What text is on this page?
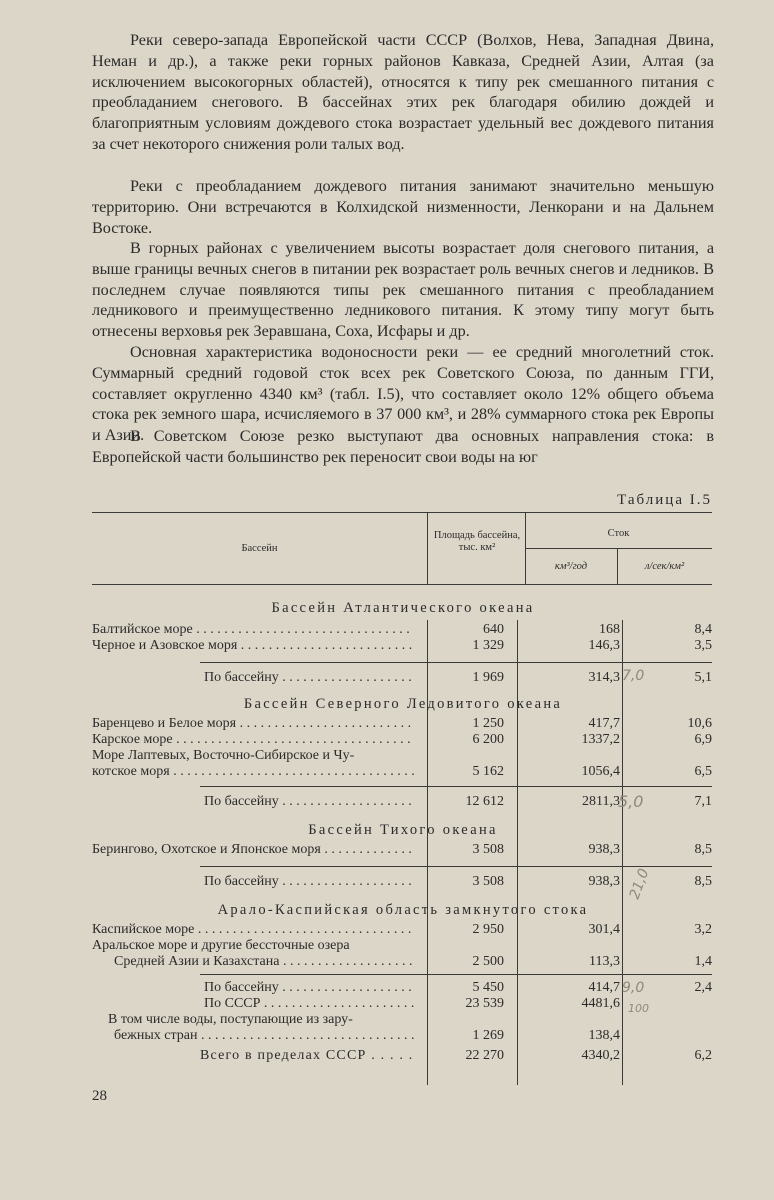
Реки северо-запада Европейской части СССР (Волхов, Нева, Западная Двина, Неман и др.), а также реки горных районов Кавказа, Средней Азии, Алтая (за исключением высокогорных областей), относятся к типу рек смешанного питания с преобладанием снегового. В бассейнах этих рек благодаря обилию дождей и благоприятным условиям дождевого стока возрастает удельный вес дождевого питания за счет некоторого снижения роли талых вод.

Реки с преобладанием дождевого питания занимают значительно меньшую территорию. Они встречаются в Колхидской низменности, Ленкорани и на Дальнем Востоке.

В горных районах с увеличением высоты возрастает доля снегового питания, а выше границы вечных снегов в питании рек возрастает роль вечных снегов и ледников. В последнем случае появляются типы рек смешанного питания с преобладанием ледникового и преимущественно ледникового питания. К этому типу могут быть отнесены верховья рек Зеравшана, Соха, Исфары и др.

Основная характеристика водоносности реки — ее средний многолетний сток. Суммарный средний годовой сток всех рек Советского Союза, по данным ГГИ, составляет округленно 4340 км³ (табл. I.5), что составляет около 12% общего объема стока рек земного шара, исчисляемого в 37 000 км³, и 28% суммарного стока рек Европы и Азии.

В Советском Союзе резко выступают два основных направления стока: в Европейской части большинство рек переносит свои воды на юг

Таблица I.5
Бассейн
Площадь бассейна, тыс. км²
Сток
км³/год	л/сек/км²
Бассейн Атлантического океана
Балтийское море . . .	640	168	8,4
Черное и Азовское моря . . .	1 329	146,3	3,5
По бассейну . . .	1 969	314,3	5,1
Бассейн Северного Ледовитого океана
Баренцево и Белое моря . . .	1 250	417,7	10,6
Карское море . . .	6 200	1337,2	6,9
Море Лаптевых, Восточно-Сибирское и Чу-
котское моря . . .	5 162	1056,4	6,5
По бассейну . . .	12 612	2811,3	7,1
Бассейн Тихого океана
Берингово, Охотское и Японское моря . . .	3 508	938,3	8,5
По бассейну . . .	3 508	938,3	8,5
Арало-Каспийская область замкнутого стока
Каспийское море . . .	2 950	301,4	3,2
Аральское море и другие бессточные озера
Средней Азии и Казахстана . . .	2 500	113,3	1,4
По бассейну . . .	5 450	414,7	2,4
По СССР . . .	23 539	4481,6
В том числе воды, поступающие из зару-
бежных стран . . .	1 269	138,4
Всего в пределах СССР . . .	22 270	4340,2	6,2
7,0
5,0
21,0
9,0
100
28
